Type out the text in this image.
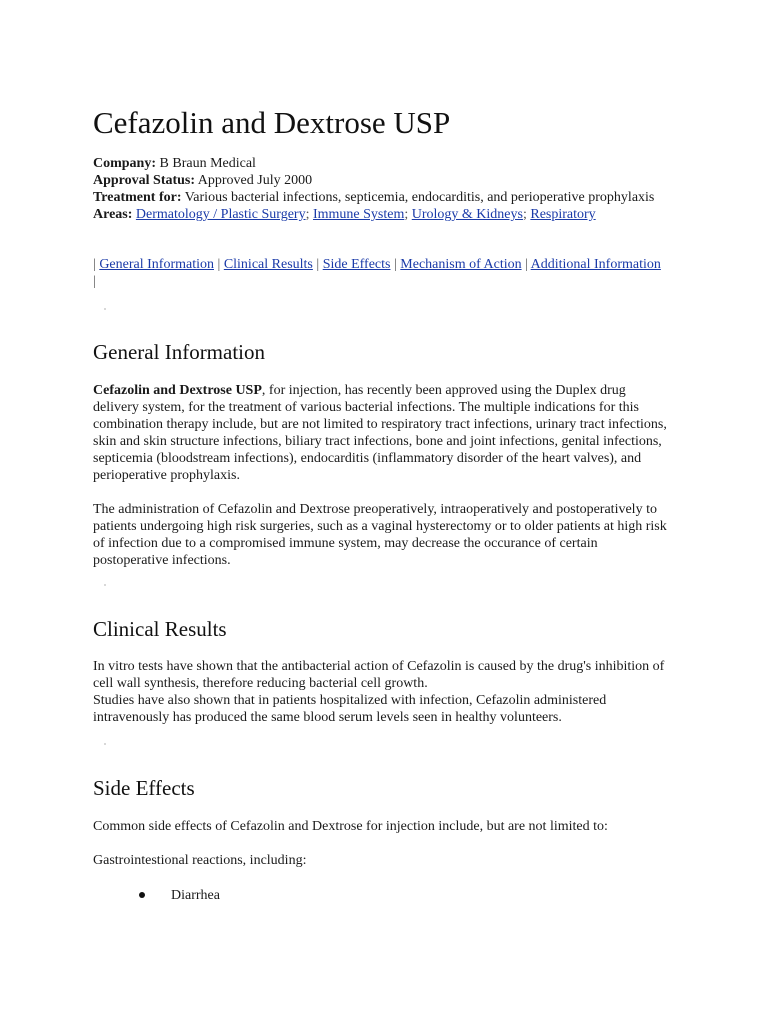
Cefazolin and Dextrose USP

Company: B Braun Medical

Approval Status: Approved July 2000

Treatment for: Various bacterial infections, septicemia, endocarditis, and perioperative prophylaxis

Areas: Dermatology / Plastic Surgery; Immune System; Urology & Kidneys; Respiratory

| General Information | Clinical Results | Side Effects | Mechanism of Action | Additional Information |
General Information

Cefazolin and Dextrose USP, for injection, has recently been approved using the Duplex drug delivery system, for the treatment of various bacterial infections. The multiple indications for this combination therapy include, but are not limited to respiratory tract infections, urinary tract infections, skin and skin structure infections, biliary tract infections, bone and joint infections, genital infections, septicemia (bloodstream infections), endocarditis (inflammatory disorder of the heart valves), and perioperative prophylaxis.

The administration of Cefazolin and Dextrose preoperatively, intraoperatively and postoperatively to patients undergoing high risk surgeries, such as a vaginal hysterectomy or to older patients at high risk of infection due to a compromised immune system, may decrease the occurance of certain postoperative infections.

Clinical Results

In vitro tests have shown that the antibacterial action of Cefazolin is caused by the drug's inhibition of cell wall synthesis, therefore reducing bacterial cell growth.

Studies have also shown that in patients hospitalized with infection, Cefazolin administered intravenously has produced the same blood serum levels seen in healthy volunteers.

Side Effects

Common side effects of Cefazolin and Dextrose for injection include, but are not limited to:

Gastrointestional reactions, including:

Diarrhea
